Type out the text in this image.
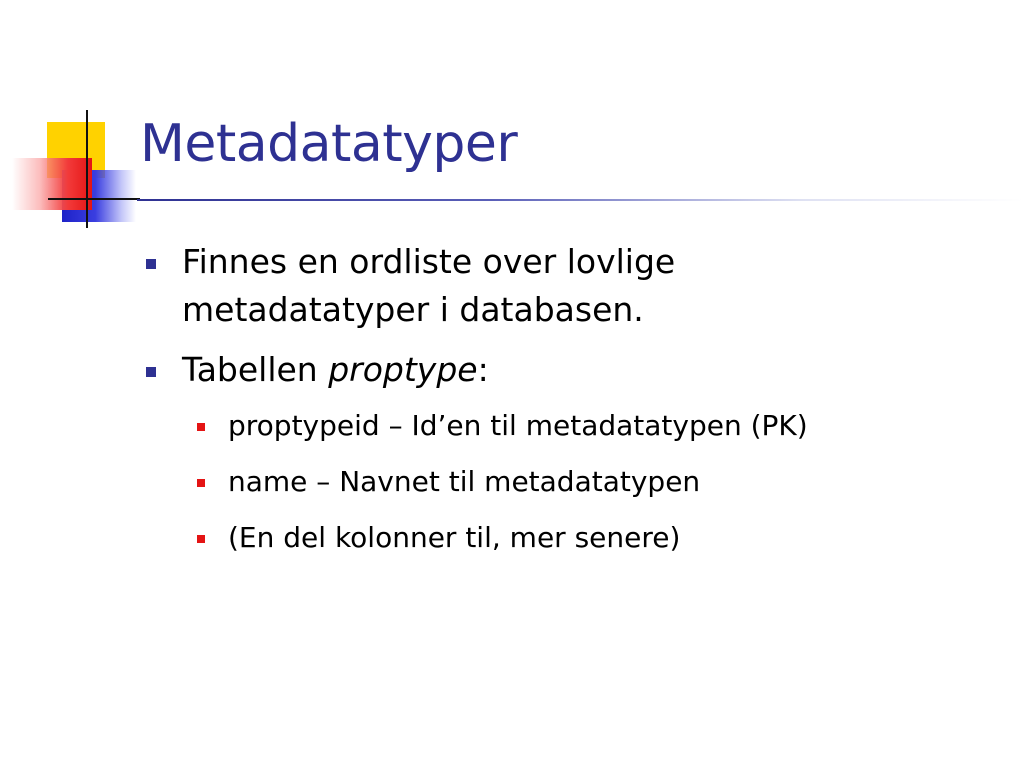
Metadatatyper
Finnes en ordliste over lovlige
metadatatyper i databasen.
Tabellen proptype:
proptypeid – Id’en til metadatatypen (PK)
name – Navnet til metadatatypen
(En del kolonner til, mer senere)
